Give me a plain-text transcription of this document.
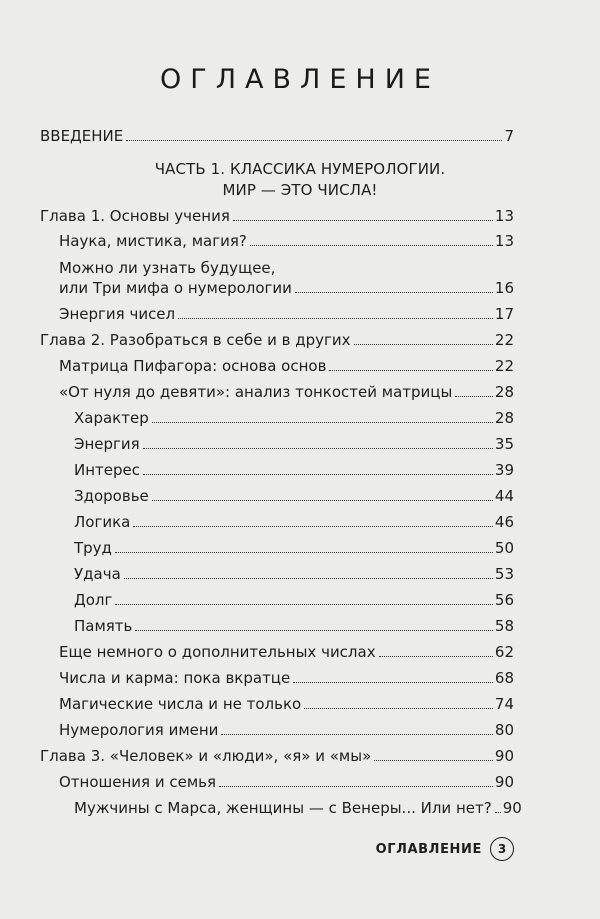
ОГЛАВЛЕНИЕ
ВВЕДЕНИЕ	7
ЧАСТЬ 1. КЛАССИКА НУМЕРОЛОГИИ.
МИР — ЭТО ЧИСЛА!
Глава 1. Основы учения	13
Наука, мистика, магия?	13
Можно ли узнать будущее,
или Три мифа о нумерологии	16
Энергия чисел	17
Глава 2. Разобраться в себе и в других	22
Матрица Пифагора: основа основ	22
«От нуля до девяти»: анализ тонкостей матрицы	28
Характер	28
Энергия	35
Интерес	39
Здоровье	44
Логика	46
Труд	50
Удача	53
Долг	56
Память	58
Еще немного о дополнительных числах	62
Числа и карма: пока вкратце	68
Магические числа и не только	74
Нумерология имени	80
Глава 3. «Человек» и «люди», «я» и «мы»	90
Отношения и семья	90
Мужчины с Марса, женщины — с Венеры... Или нет? 90
ОГЛАВЛЕНИЕ	3
